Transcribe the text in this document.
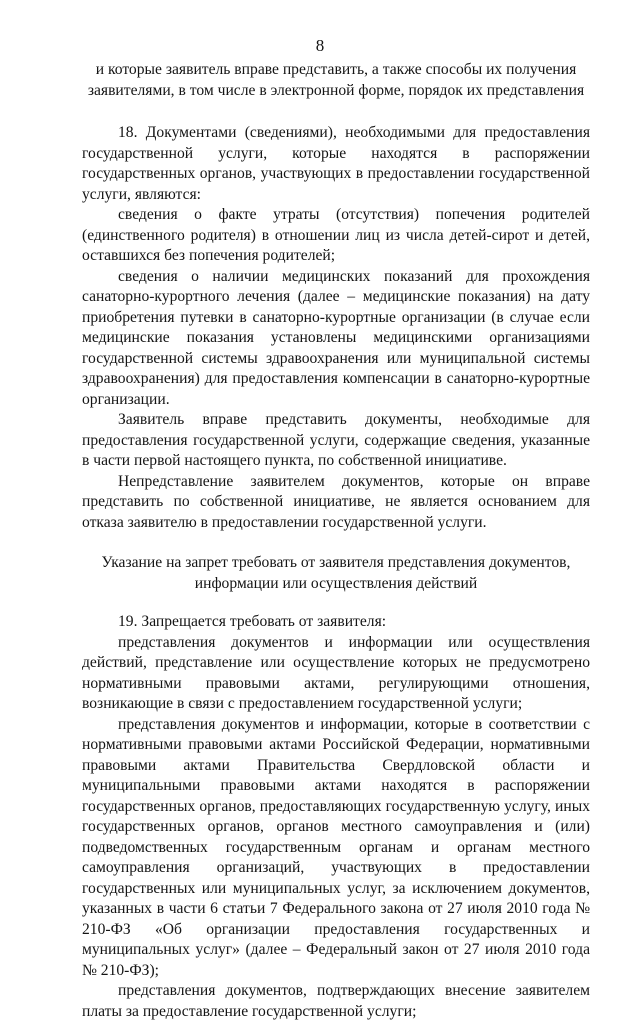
8

и которые заявитель вправе представить, а также способы их получения заявителями, в том числе в электронной форме, порядок их представления

18. Документами (сведениями), необходимыми для предоставления государственной услуги, которые находятся в распоряжении государственных органов, участвующих в предоставлении государственной услуги, являются:

сведения о факте утраты (отсутствия) попечения родителей (единственного родителя) в отношении лиц из числа детей-сирот и детей, оставшихся без попечения родителей;

сведения о наличии медицинских показаний для прохождения санаторно-курортного лечения (далее – медицинские показания) на дату приобретения путевки в санаторно-курортные организации (в случае если медицинские показания установлены медицинскими организациями государственной системы здравоохранения или муниципальной системы здравоохранения) для предоставления компенсации в санаторно-курортные организации.

Заявитель вправе представить документы, необходимые для предоставления государственной услуги, содержащие сведения, указанные в части первой настоящего пункта, по собственной инициативе.

Непредставление заявителем документов, которые он вправе представить по собственной инициативе, не является основанием для отказа заявителю в предоставлении государственной услуги.

Указание на запрет требовать от заявителя представления документов, информации или осуществления действий

19. Запрещается требовать от заявителя:

представления документов и информации или осуществления действий, представление или осуществление которых не предусмотрено нормативными правовыми актами, регулирующими отношения, возникающие в связи с предоставлением государственной услуги;

представления документов и информации, которые в соответствии с нормативными правовыми актами Российской Федерации, нормативными правовыми актами Правительства Свердловской области и муниципальными правовыми актами находятся в распоряжении государственных органов, предоставляющих государственную услугу, иных государственных органов, органов местного самоуправления и (или) подведомственных государственным органам и органам местного самоуправления организаций, участвующих в предоставлении государственных или муниципальных услуг, за исключением документов, указанных в части 6 статьи 7 Федерального закона от 27 июля 2010 года № 210-ФЗ «Об организации предоставления государственных и муниципальных услуг» (далее – Федеральный закон от 27 июля 2010 года № 210-ФЗ);

представления документов, подтверждающих внесение заявителем платы за предоставление государственной услуги;
